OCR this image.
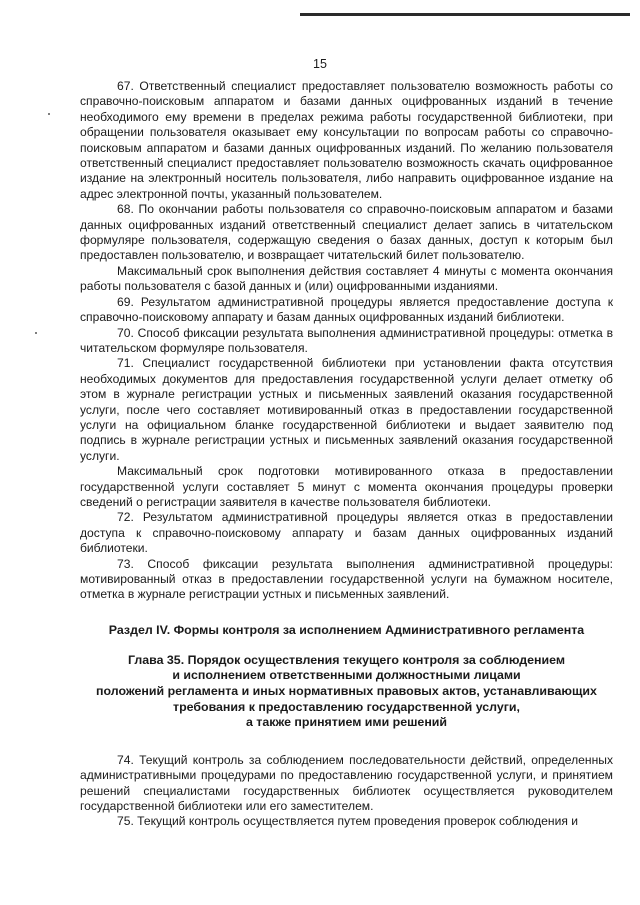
15

67. Ответственный специалист предоставляет пользователю возможность работы со справочно-поисковым аппаратом и базами данных оцифрованных изданий в течение необходимого ему времени в пределах режима работы государственной библиотеки, при обращении пользователя оказывает ему консультации по вопросам работы со справочно-поисковым аппаратом и базами данных оцифрованных изданий. По желанию пользователя ответственный специалист предоставляет пользователю возможность скачать оцифрованное издание на электронный носитель пользователя, либо направить оцифрованное издание на адрес электронной почты, указанный пользователем.

68. По окончании работы пользователя со справочно-поисковым аппаратом и базами данных оцифрованных изданий ответственный специалист делает запись в читательском формуляре пользователя, содержащую сведения о базах данных, доступ к которым был предоставлен пользователю, и возвращает читательский билет пользователю.

Максимальный срок выполнения действия составляет 4 минуты с момента окончания работы пользователя с базой данных и (или) оцифрованными изданиями.

69. Результатом административной процедуры является предоставление доступа к справочно-поисковому аппарату и базам данных оцифрованных изданий библиотеки.

70. Способ фиксации результата выполнения административной процедуры: отметка в читательском формуляре пользователя.

71. Специалист государственной библиотеки при установлении факта отсутствия необходимых документов для предоставления государственной услуги делает отметку об этом в журнале регистрации устных и письменных заявлений оказания государственной услуги, после чего составляет мотивированный отказ в предоставлении государственной услуги на официальном бланке государственной библиотеки и выдает заявителю под подпись в журнале регистрации устных и письменных заявлений оказания государственной услуги.

Максимальный срок подготовки мотивированного отказа в предоставлении государственной услуги составляет 5 минут с момента окончания процедуры проверки сведений о регистрации заявителя в качестве пользователя библиотеки.

72. Результатом административной процедуры является отказ в предоставлении доступа к справочно-поисковому аппарату и базам данных оцифрованных изданий библиотеки.

73. Способ фиксации результата выполнения административной процедуры: мотивированный отказ в предоставлении государственной услуги на бумажном носителе, отметка в журнале регистрации устных и письменных заявлений.

Раздел IV. Формы контроля за исполнением Административного регламента
Глава 35. Порядок осуществления текущего контроля за соблюдением
и исполнением ответственными должностными лицами
положений регламента и иных нормативных правовых актов, устанавливающих
требования к предоставлению государственной услуги,
а также принятием ими решений

74. Текущий контроль за соблюдением последовательности действий, определенных административными процедурами по предоставлению государственной услуги, и принятием решений специалистами государственных библиотек осуществляется руководителем государственной библиотеки или его заместителем.

75. Текущий контроль осуществляется путем проведения проверок соблюдения и
